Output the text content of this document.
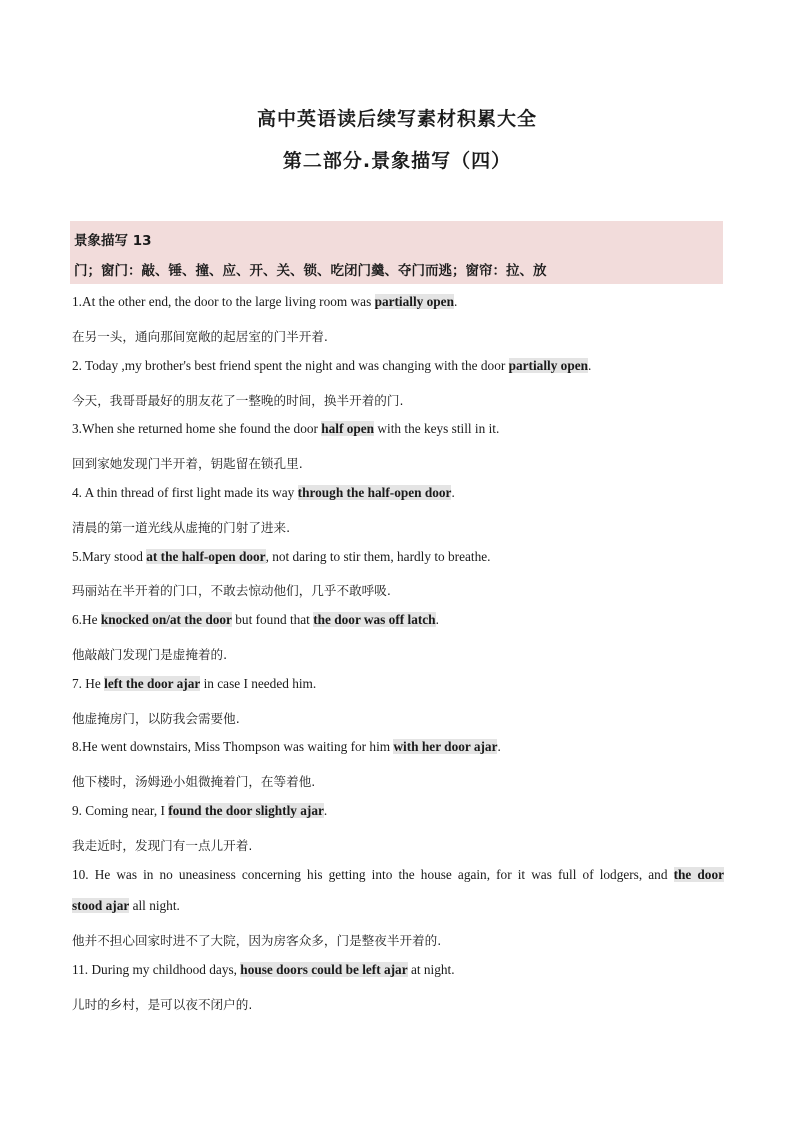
高中英语读后续写素材积累大全
第二部分.景象描写（四）
景象描写 13
门；窗门：敲、锤、撞、应、开、关、锁、吃闭门羹、夺门而逃；窗帘：拉、放
1.At the other end, the door to the large living room was partially open.
在另一头，通向那间宽敞的起居室的门半开着.
2. Today ,my brother's best friend spent the night and was changing with the door partially open.
今天，我哥哥最好的朋友花了一整晚的时间，换半开着的门.
3.When she returned home she found the door half open with the keys still in it.
回到家她发现门半开着，钥匙留在锁孔里.
4. A thin thread of first light made its way through the half-open door.
清晨的第一道光线从虚掩的门射了进来.
5.Mary stood at the half-open door, not daring to stir them, hardly to breathe.
玛丽站在半开着的门口，不敢去惊动他们，几乎不敢呼吸.
6.He knocked on/at the door but found that the door was off latch.
他敲敲门发现门是虚掩着的.
7. He left the door ajar in case I needed him.
他虚掩房门，以防我会需要他.
8.He went downstairs, Miss Thompson was waiting for him with her door ajar.
他下楼时，汤姆逊小姐微掩着门，在等着他.
9. Coming near, I found the door slightly ajar.
我走近时，发现门有一点儿开着.
10. He was in no uneasiness concerning his getting into the house again, for it was full of lodgers, and the door
stood ajar all night.
他并不担心回家时进不了大院，因为房客众多，门是整夜半开着的.
11. During my childhood days, house doors could be left ajar at night.
儿时的乡村，是可以夜不闭户的.
